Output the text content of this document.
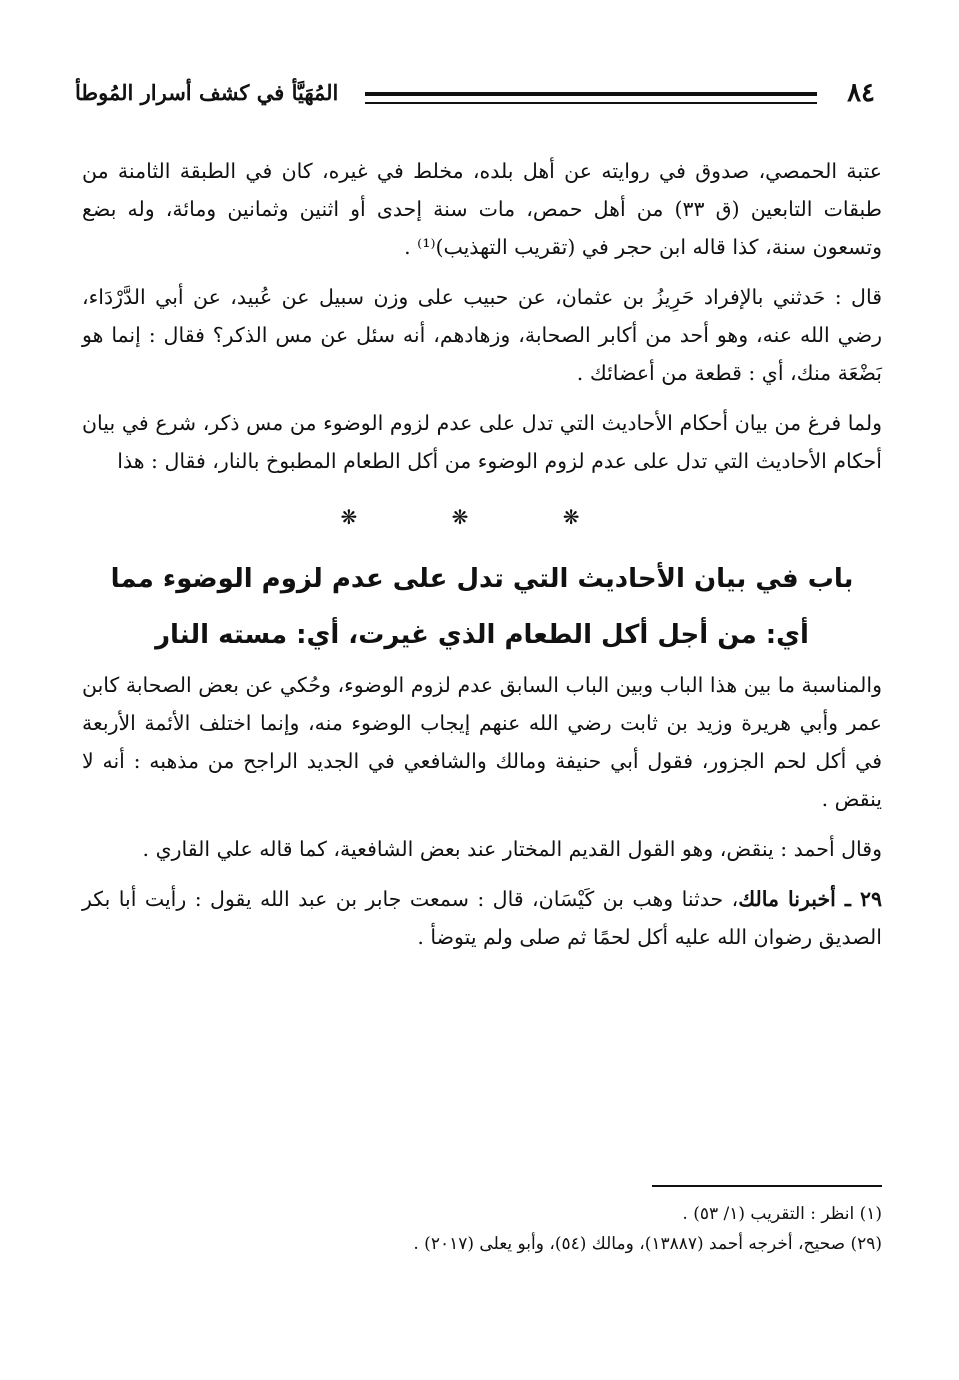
المُهَيَّأ في كشف أسرار المُوطأ	٨٤

عتبة الحمصي، صدوق في روايته عن أهل بلده، مخلط في غيره، كان في الطبقة الثامنة من طبقات التابعين (ق ٣٣) من أهل حمص، مات سنة إحدى أو اثنين وثمانين ومائة، وله بضع وتسعون سنة، كذا قاله ابن حجر في (تقريب التهذيب)⁽¹⁾ .

قال : حَدثني بالإفراد حَرِيزُ بن عثمان، عن حبيب على وزن سبيل عن عُبيد، عن أبي الدَّرْدَاء، رضي الله عنه، وهو أحد من أكابر الصحابة، وزهادهم، أنه سئل عن مس الذكر؟ فقال : إنما هو بَضْعَة منك، أي : قطعة من أعضائك .

ولما فرغ من بيان أحكام الأحاديث التي تدل على عدم لزوم الوضوء من مس ذكر، شرع في بيان أحكام الأحاديث التي تدل على عدم لزوم الوضوء من أكل الطعام المطبوخ بالنار، فقال : هذا

❋ ❋ ❋
باب في بيان الأحاديث التي تدل على عدم لزوم الوضوء مما
أي: من أجل أكل الطعام الذي غيرت، أي: مسته النار

والمناسبة ما بين هذا الباب وبين الباب السابق عدم لزوم الوضوء، وحُكي عن بعض الصحابة كابن عمر وأبي هريرة وزيد بن ثابت رضي الله عنهم إيجاب الوضوء منه، وإنما اختلف الأئمة الأربعة في أكل لحم الجزور، فقول أبي حنيفة ومالك والشافعي في الجديد الراجح من مذهبه : أنه لا ينقض .

وقال أحمد : ينقض، وهو القول القديم المختار عند بعض الشافعية، كما قاله علي القاري .

٢٩ ـ أخبرنا مالك، حدثنا وهب بن كَيْسَان، قال : سمعت جابر بن عبد الله يقول : رأيت أبا بكر الصديق رضوان الله عليه أكل لحمًا ثم صلى ولم يتوضأ .

(١) انظر : التقريب (١/ ٥٣) .

(٢٩) صحيح، أخرجه أحمد (١٣٨٨٧)، ومالك (٥٤)، وأبو يعلى (٢٠١٧) .
